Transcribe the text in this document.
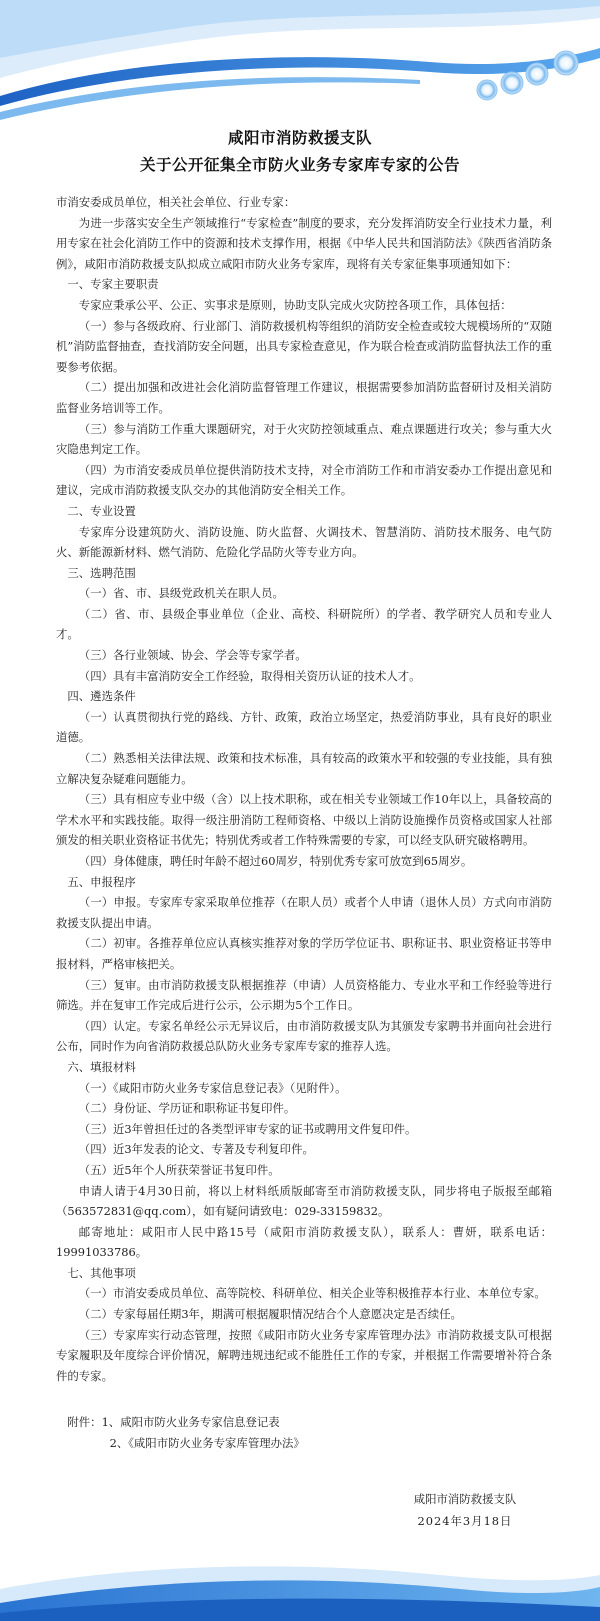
咸阳市消防救援支队
关于公开征集全市防火业务专家库专家的公告

市消安委成员单位，相关社会单位、行业专家：

为进一步落实安全生产领域推行“专家检查”制度的要求，充分发挥消防安全行业技术力量，利用专家在社会化消防工作中的资源和技术支撑作用，根据《中华人民共和国消防法》《陕西省消防条例》，咸阳市消防救援支队拟成立咸阳市防火业务专家库，现将有关专家征集事项通知如下：

一、专家主要职责

专家应秉承公平、公正、实事求是原则，协助支队完成火灾防控各项工作，具体包括：

（一）参与各级政府、行业部门、消防救援机构等组织的消防安全检查或较大规模场所的“双随机”消防监督抽查，查找消防安全问题，出具专家检查意见，作为联合检查或消防监督执法工作的重要参考依据。

（二）提出加强和改进社会化消防监督管理工作建议，根据需要参加消防监督研讨及相关消防监督业务培训等工作。

（三）参与消防工作重大课题研究，对于火灾防控领域重点、难点课题进行攻关；参与重大火灾隐患判定工作。

（四）为市消安委成员单位提供消防技术支持，对全市消防工作和市消安委办工作提出意见和建议，完成市消防救援支队交办的其他消防安全相关工作。

二、专业设置

专家库分设建筑防火、消防设施、防火监督、火调技术、智慧消防、消防技术服务、电气防火、新能源新材料、燃气消防、危险化学品防火等专业方向。

三、选聘范围

（一）省、市、县级党政机关在职人员。

（二）省、市、县级企事业单位（企业、高校、科研院所）的学者、教学研究人员和专业人才。

（三）各行业领域、协会、学会等专家学者。

（四）具有丰富消防安全工作经验，取得相关资历认证的技术人才。

四、遴选条件

（一）认真贯彻执行党的路线、方针、政策，政治立场坚定，热爱消防事业，具有良好的职业道德。

（二）熟悉相关法律法规、政策和技术标准，具有较高的政策水平和较强的专业技能，具有独立解决复杂疑难问题能力。

（三）具有相应专业中级（含）以上技术职称，或在相关专业领域工作10年以上，具备较高的学术水平和实践技能。取得一级注册消防工程师资格、中级以上消防设施操作员资格或国家人社部颁发的相关职业资格证书优先；特别优秀或者工作特殊需要的专家，可以经支队研究破格聘用。

（四）身体健康，聘任时年龄不超过60周岁，特别优秀专家可放宽到65周岁。

五、申报程序

（一）申报。专家库专家采取单位推荐（在职人员）或者个人申请（退休人员）方式向市消防救援支队提出申请。

（二）初审。各推荐单位应认真核实推荐对象的学历学位证书、职称证书、职业资格证书等申报材料，严格审核把关。

（三）复审。由市消防救援支队根据推荐（申请）人员资格能力、专业水平和工作经验等进行筛选。并在复审工作完成后进行公示，公示期为5个工作日。

（四）认定。专家名单经公示无异议后，由市消防救援支队为其颁发专家聘书并面向社会进行公布，同时作为向省消防救援总队防火业务专家库专家的推荐人选。

六、填报材料

（一）《咸阳市防火业务专家信息登记表》（见附件）。

（二）身份证、学历证和职称证书复印件。

（三）近3年曾担任过的各类型评审专家的证书或聘用文件复印件。

（四）近3年发表的论文、专著及专利复印件。

（五）近5年个人所获荣誉证书复印件。

申请人请于4月30日前，将以上材料纸质版邮寄至市消防救援支队，同步将电子版报至邮箱（563572831@qq.com），如有疑问请致电：029-33159832。

邮寄地址：咸阳市人民中路15号（咸阳市消防救援支队），联系人：曹妍，联系电话：19991033786。

七、其他事项

（一）市消安委成员单位、高等院校、科研单位、相关企业等积极推荐本行业、本单位专家。

（二）专家每届任期3年，期满可根据履职情况结合个人意愿决定是否续任。

（三）专家库实行动态管理，按照《咸阳市防火业务专家库管理办法》市消防救援支队可根据专家履职及年度综合评价情况，解聘违规违纪或不能胜任工作的专家，并根据工作需要增补符合条件的专家。

附件：1、咸阳市防火业务专家信息登记表

2、《咸阳市防火业务专家库管理办法》

咸阳市消防救援支队
2024年3月18日
